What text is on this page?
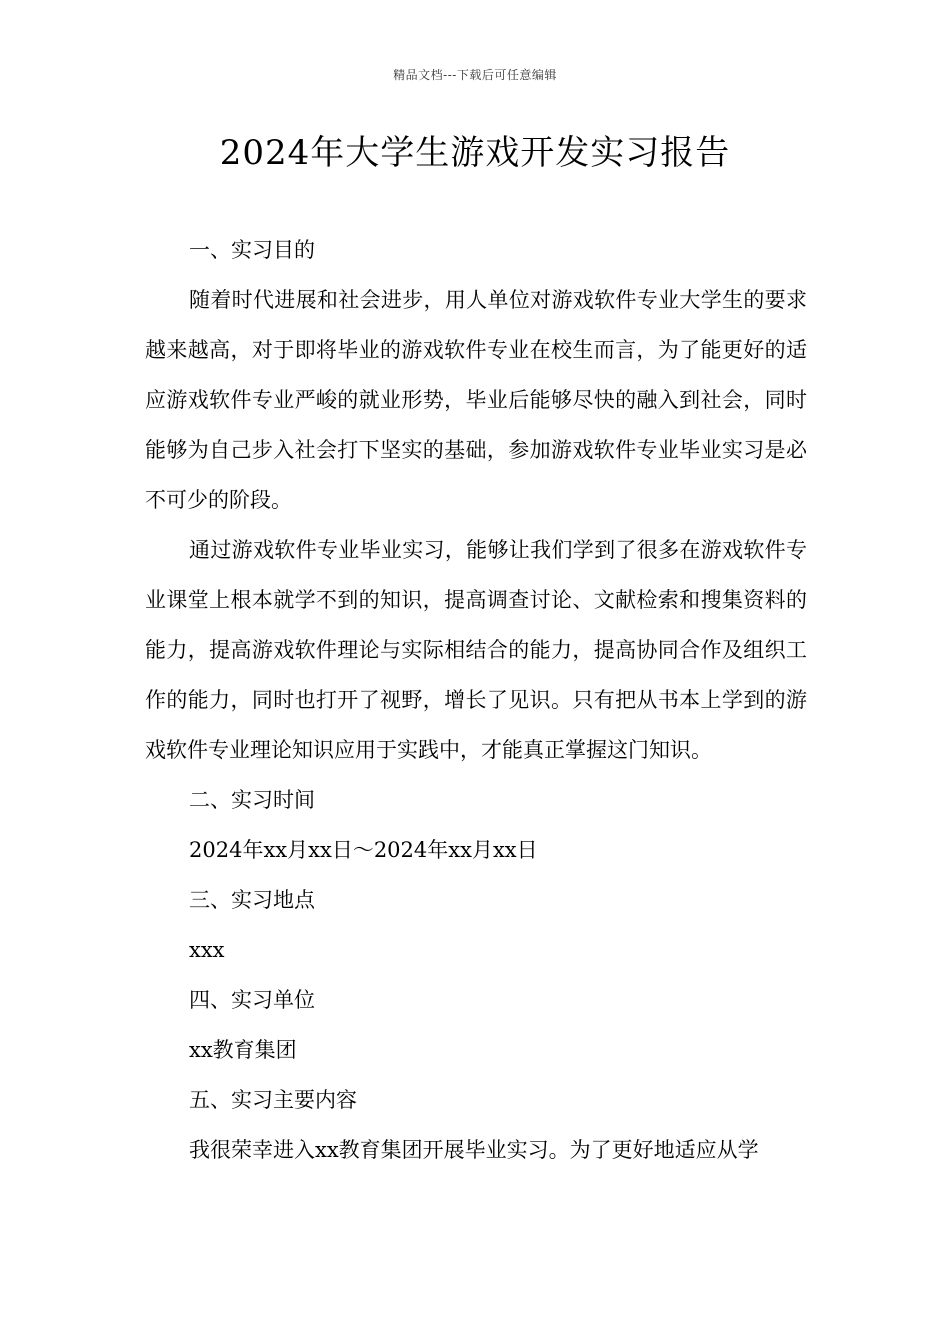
精品文档---下载后可任意编辑
2024年大学生游戏开发实习报告

一、实习目的

随着时代进展和社会进步，用人单位对游戏软件专业大学生的要求越来越高，对于即将毕业的游戏软件专业在校生而言，为了能更好的适应游戏软件专业严峻的就业形势，毕业后能够尽快的融入到社会，同时能够为自己步入社会打下坚实的基础，参加游戏软件专业毕业实习是必不可少的阶段。

通过游戏软件专业毕业实习，能够让我们学到了很多在游戏软件专业课堂上根本就学不到的知识，提高调查讨论、文献检索和搜集资料的能力，提高游戏软件理论与实际相结合的能力，提高协同合作及组织工作的能力，同时也打开了视野，增长了见识。只有把从书本上学到的游戏软件专业理论知识应用于实践中，才能真正掌握这门知识。

二、实习时间

2024年xx月xx日～2024年xx月xx日

三、实习地点

xxx

四、实习单位

xx教育集团

五、实习主要内容

我很荣幸进入xx教育集团开展毕业实习。为了更好地适应从学
